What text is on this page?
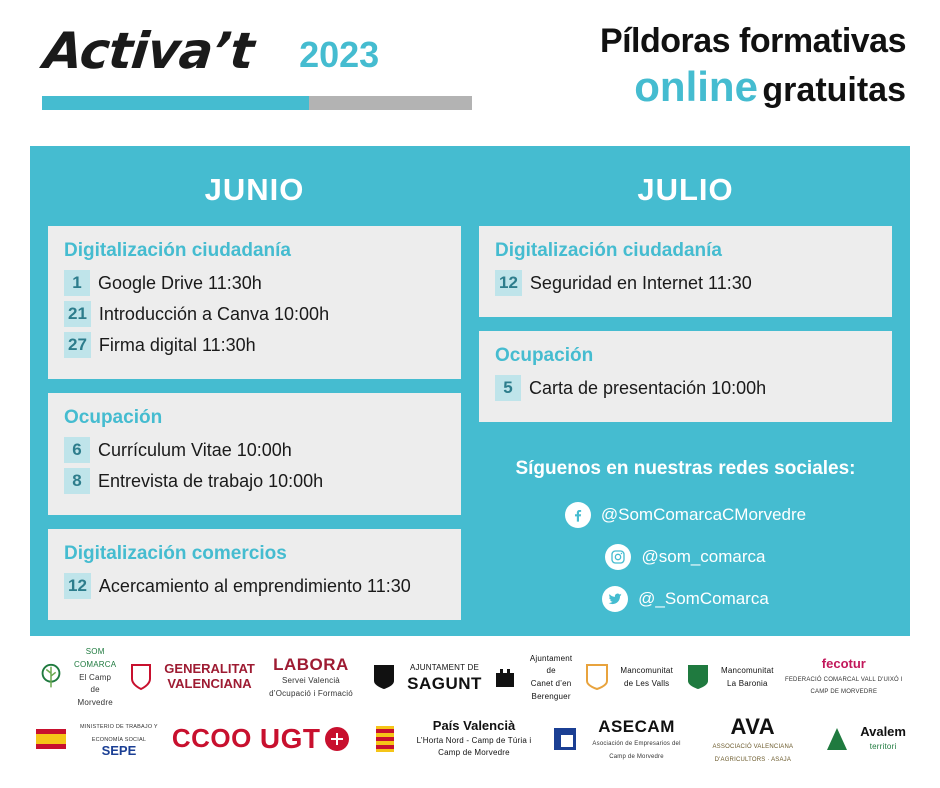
Activa’t 2023	Píldoras formativas
online gratuitas
JUNIO
Digitalización ciudadanía
1 Google Drive 11:30h
21 Introducción a Canva 10:00h
27 Firma digital 11:30h
Ocupación
6 Currículum Vitae 10:00h
8 Entrevista de trabajo 10:00h
Digitalización comercios
12 Acercamiento al emprendimiento 11:30
JULIO
Digitalización ciudadanía
12 Seguridad en Internet 11:30
Ocupación
5 Carta de presentación 10:00h
Síguenos en nuestras redes sociales:
@SomComarcaCMorvedre
@som_comarca
@_SomComarca
SOM COMARCA
El Camp de Morvedre
GENERALITAT
VALENCIANA
LABORA
Servei Valencià d’Ocupació i Formació
AJUNTAMENT DE
SAGUNT
Ajuntament de
Canet d’en Berenguer
Mancomunitat
de Les Valls
Mancomunitat
La Baronia
fecotur
FEDERACIÓ COMARCAL VALL D'UIXÓ I CAMP DE MORVEDRE
MINISTERIO DE TRABAJO Y ECONOMÍA SOCIAL
SEPE	CCOO UGT	País Valencià
L’Horta Nord - Camp de Túria i Camp de Morvedre
ASECAM
Asociación de Empresarios del Camp de Morvedre
AVA
ASSOCIACIÓ VALENCIANA D'AGRICULTORS · ASAJA
Avalem
territori
